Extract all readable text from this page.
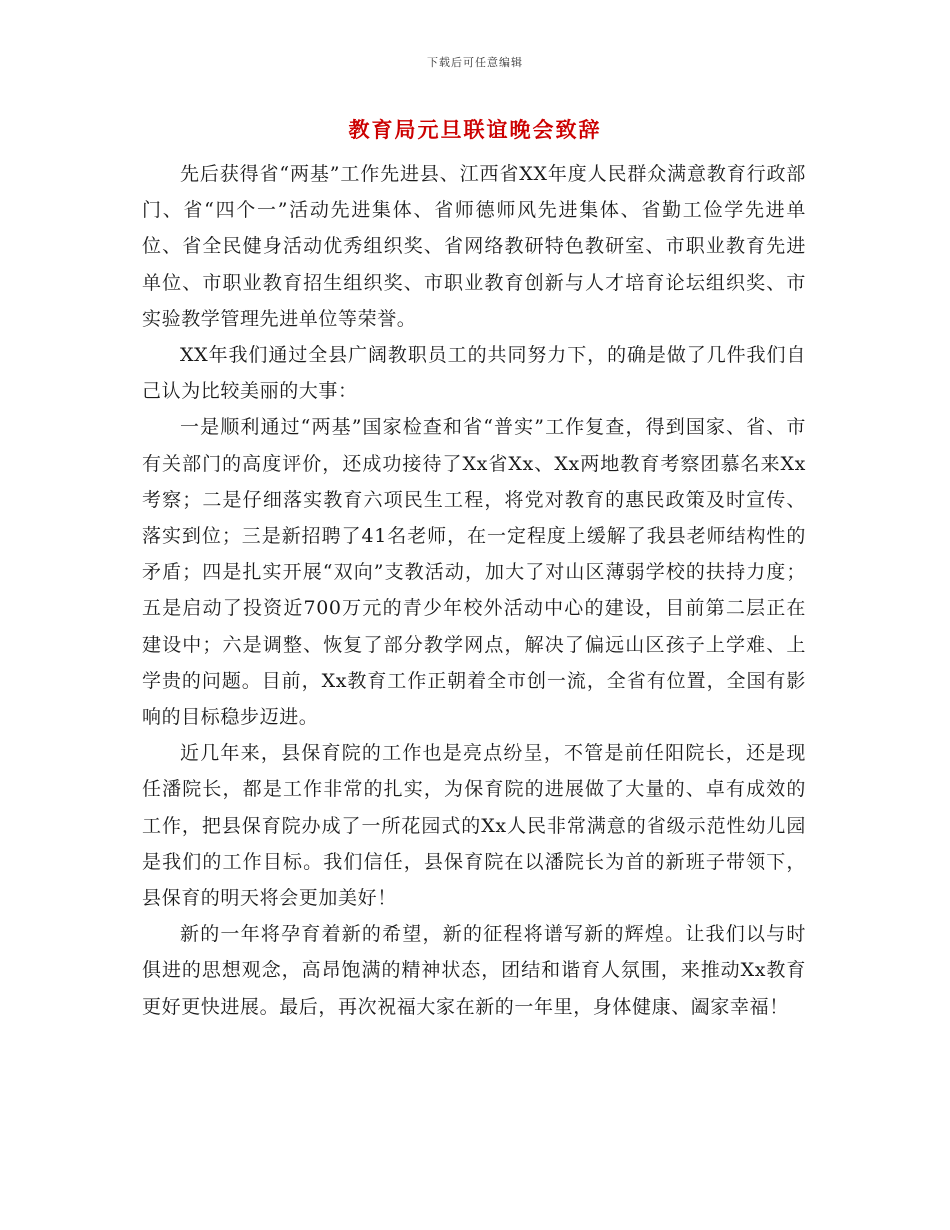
下载后可任意编辑
教育局元旦联谊晚会致辞

先后获得省“两基”工作先进县、江西省XX年度人民群众满意教育行政部门、省“四个一”活动先进集体、省师德师风先进集体、省勤工俭学先进单位、省全民健身活动优秀组织奖、省网络教研特色教研室、市职业教育先进单位、市职业教育招生组织奖、市职业教育创新与人才培育论坛组织奖、市实验教学管理先进单位等荣誉。

XX年我们通过全县广阔教职员工的共同努力下，的确是做了几件我们自己认为比较美丽的大事：

一是顺利通过“两基”国家检查和省“普实”工作复查，得到国家、省、市有关部门的高度评价，还成功接待了Xx省Xx、Xx两地教育考察团慕名来Xx考察；二是仔细落实教育六项民生工程，将党对教育的惠民政策及时宣传、落实到位；三是新招聘了41名老师，在一定程度上缓解了我县老师结构性的矛盾；四是扎实开展“双向”支教活动，加大了对山区薄弱学校的扶持力度；五是启动了投资近700万元的青少年校外活动中心的建设，目前第二层正在建设中；六是调整、恢复了部分教学网点，解决了偏远山区孩子上学难、上学贵的问题。目前，Xx教育工作正朝着全市创一流，全省有位置，全国有影响的目标稳步迈进。

近几年来，县保育院的工作也是亮点纷呈，不管是前任阳院长，还是现任潘院长，都是工作非常的扎实，为保育院的进展做了大量的、卓有成效的工作，把县保育院办成了一所花园式的Xx人民非常满意的省级示范性幼儿园是我们的工作目标。我们信任，县保育院在以潘院长为首的新班子带领下，县保育的明天将会更加美好！

新的一年将孕育着新的希望，新的征程将谱写新的辉煌。让我们以与时俱进的思想观念，高昂饱满的精神状态，团结和谐育人氛围，来推动Xx教育更好更快进展。最后，再次祝福大家在新的一年里，身体健康、阖家幸福！
